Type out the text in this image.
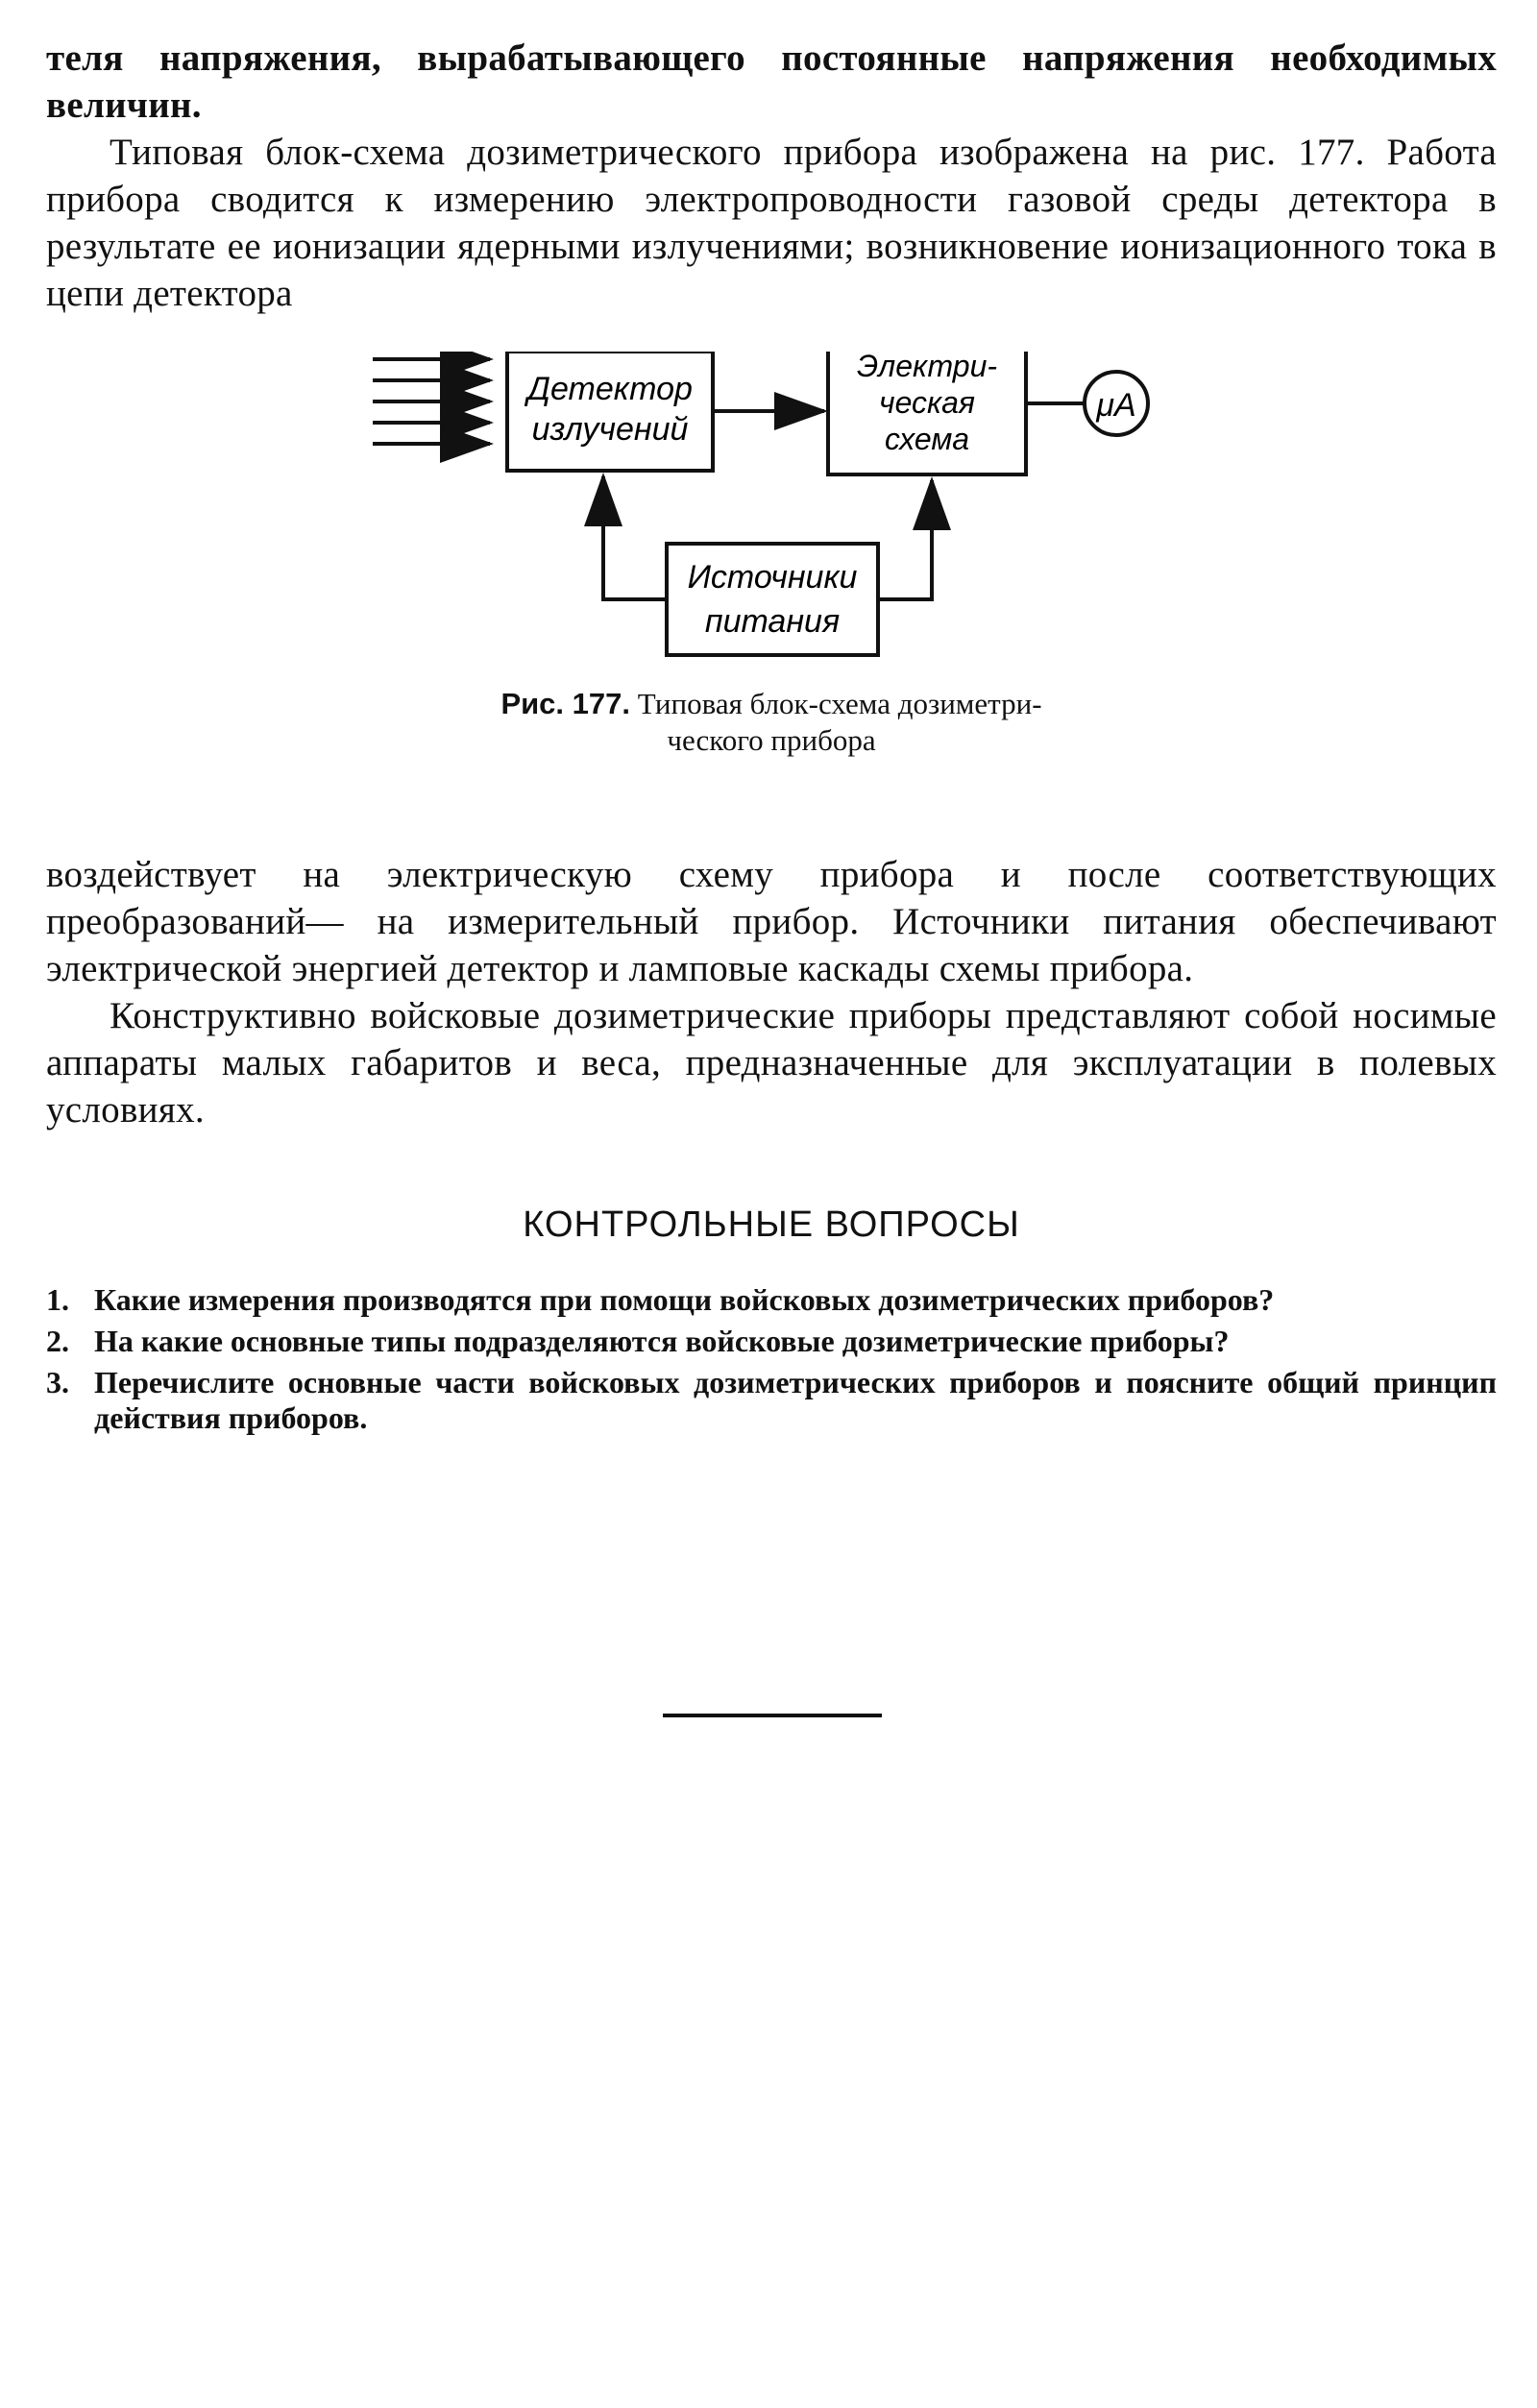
теля напряжения, вырабатывающего постоянные напряжения необходимых величин.

Типовая блок-схема дозиметрического прибора изображена на рис. 177. Работа прибора сводится к измерению электропроводности газовой среды детектора в результате ее ионизации ядерными излучениями; возникновение ионизационного тока в цепи детектора

Детектор
излучений
Электри-
ческая
схема
μA
Источники
питания

Рис. 177. Типовая блок-схема дозиметри-

ческого прибора

воздействует на электрическую схему прибора и после соответствующих преобразований— на измерительный прибор. Источники питания обеспечивают электрической энергией детектор и ламповые каскады схемы прибора.

Конструктивно войсковые дозиметрические приборы представляют собой носимые аппараты малых габаритов и веса, предназначенные для эксплуатации в полевых условиях.

КОНТРОЛЬНЫЕ ВОПРОСЫ
1. Какие измерения производятся при помощи войсковых дозиметрических приборов?
2. На какие основные типы подразделяются войсковые дозиметрические приборы?
3. Перечислите основные части войсковых дозиметрических приборов и поясните общий принцип действия приборов.
